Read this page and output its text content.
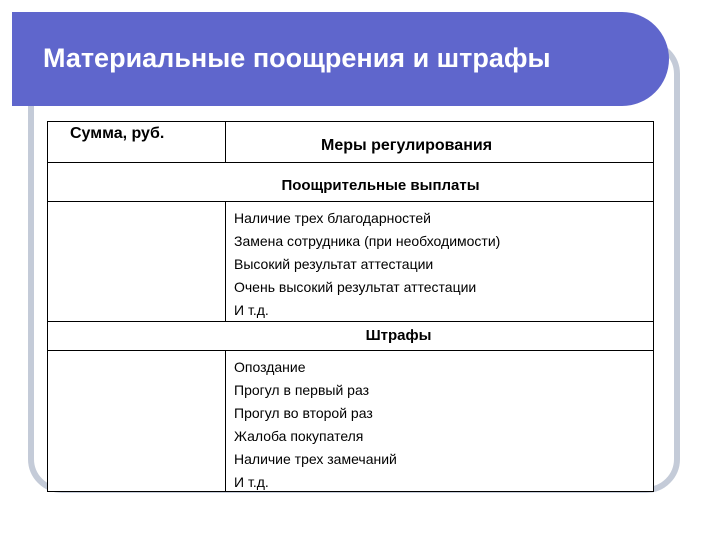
Материальные поощрения и штрафы
Сумма, руб.
Меры регулирования
Поощрительные выплаты
Наличие трех благодарностей
Замена сотрудника (при необходимости)
Высокий результат аттестации
Очень высокий результат аттестации
И т.д.
Штрафы
Опоздание
Прогул в первый раз
Прогул во второй раз
Жалоба покупателя
Наличие трех замечаний
И т.д.
